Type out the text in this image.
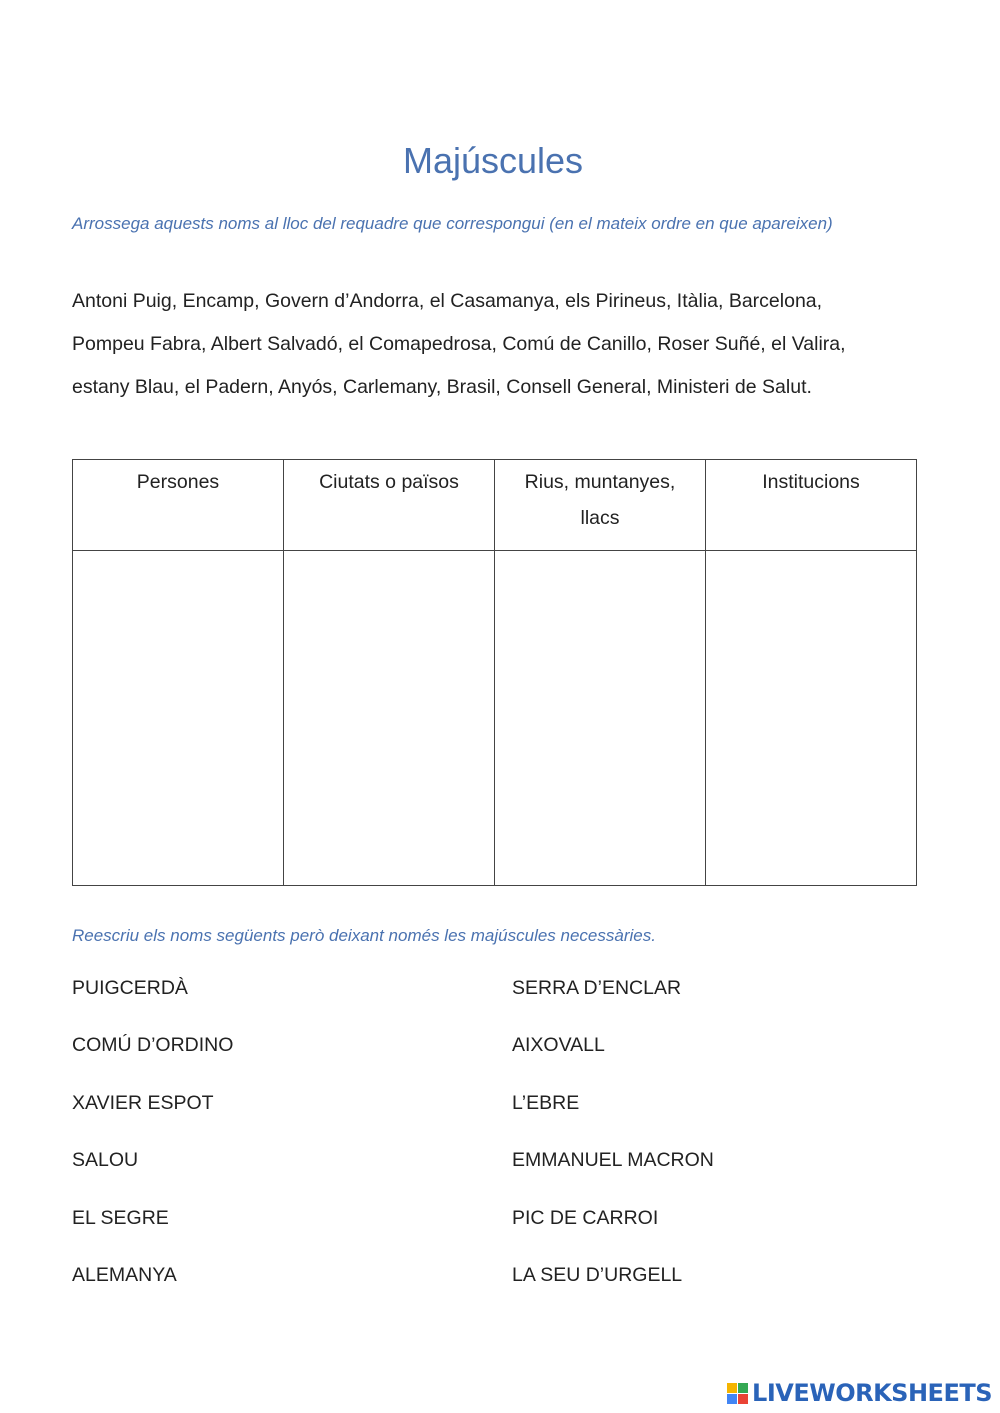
Majúscules
Arrossega aquests noms al lloc del requadre que correspongui (en el mateix ordre en que apareixen)

Antoni Puig, Encamp, Govern d’Andorra, el Casamanya, els Pirineus, Itàlia, Barcelona,

Pompeu Fabra, Albert Salvadó, el Comapedrosa, Comú de Canillo, Roser Suñé, el Valira,

estany Blau, el Padern, Anyós, Carlemany, Brasil, Consell General, Ministeri de Salut.

Persones	Ciutats o països	Rius, muntanyes, llacs	Institucions

Reescriu els noms següents però deixant només les majúscules necessàries.
PUIGCERDÀ	SERRA D’ENCLAR
COMÚ D’ORDINO	AIXOVALL
XAVIER ESPOT	L’EBRE
SALOU	EMMANUEL MACRON
EL SEGRE	PIC DE CARROI
ALEMANYA	LA SEU D’URGELL
LIVEWORKSHEETS
